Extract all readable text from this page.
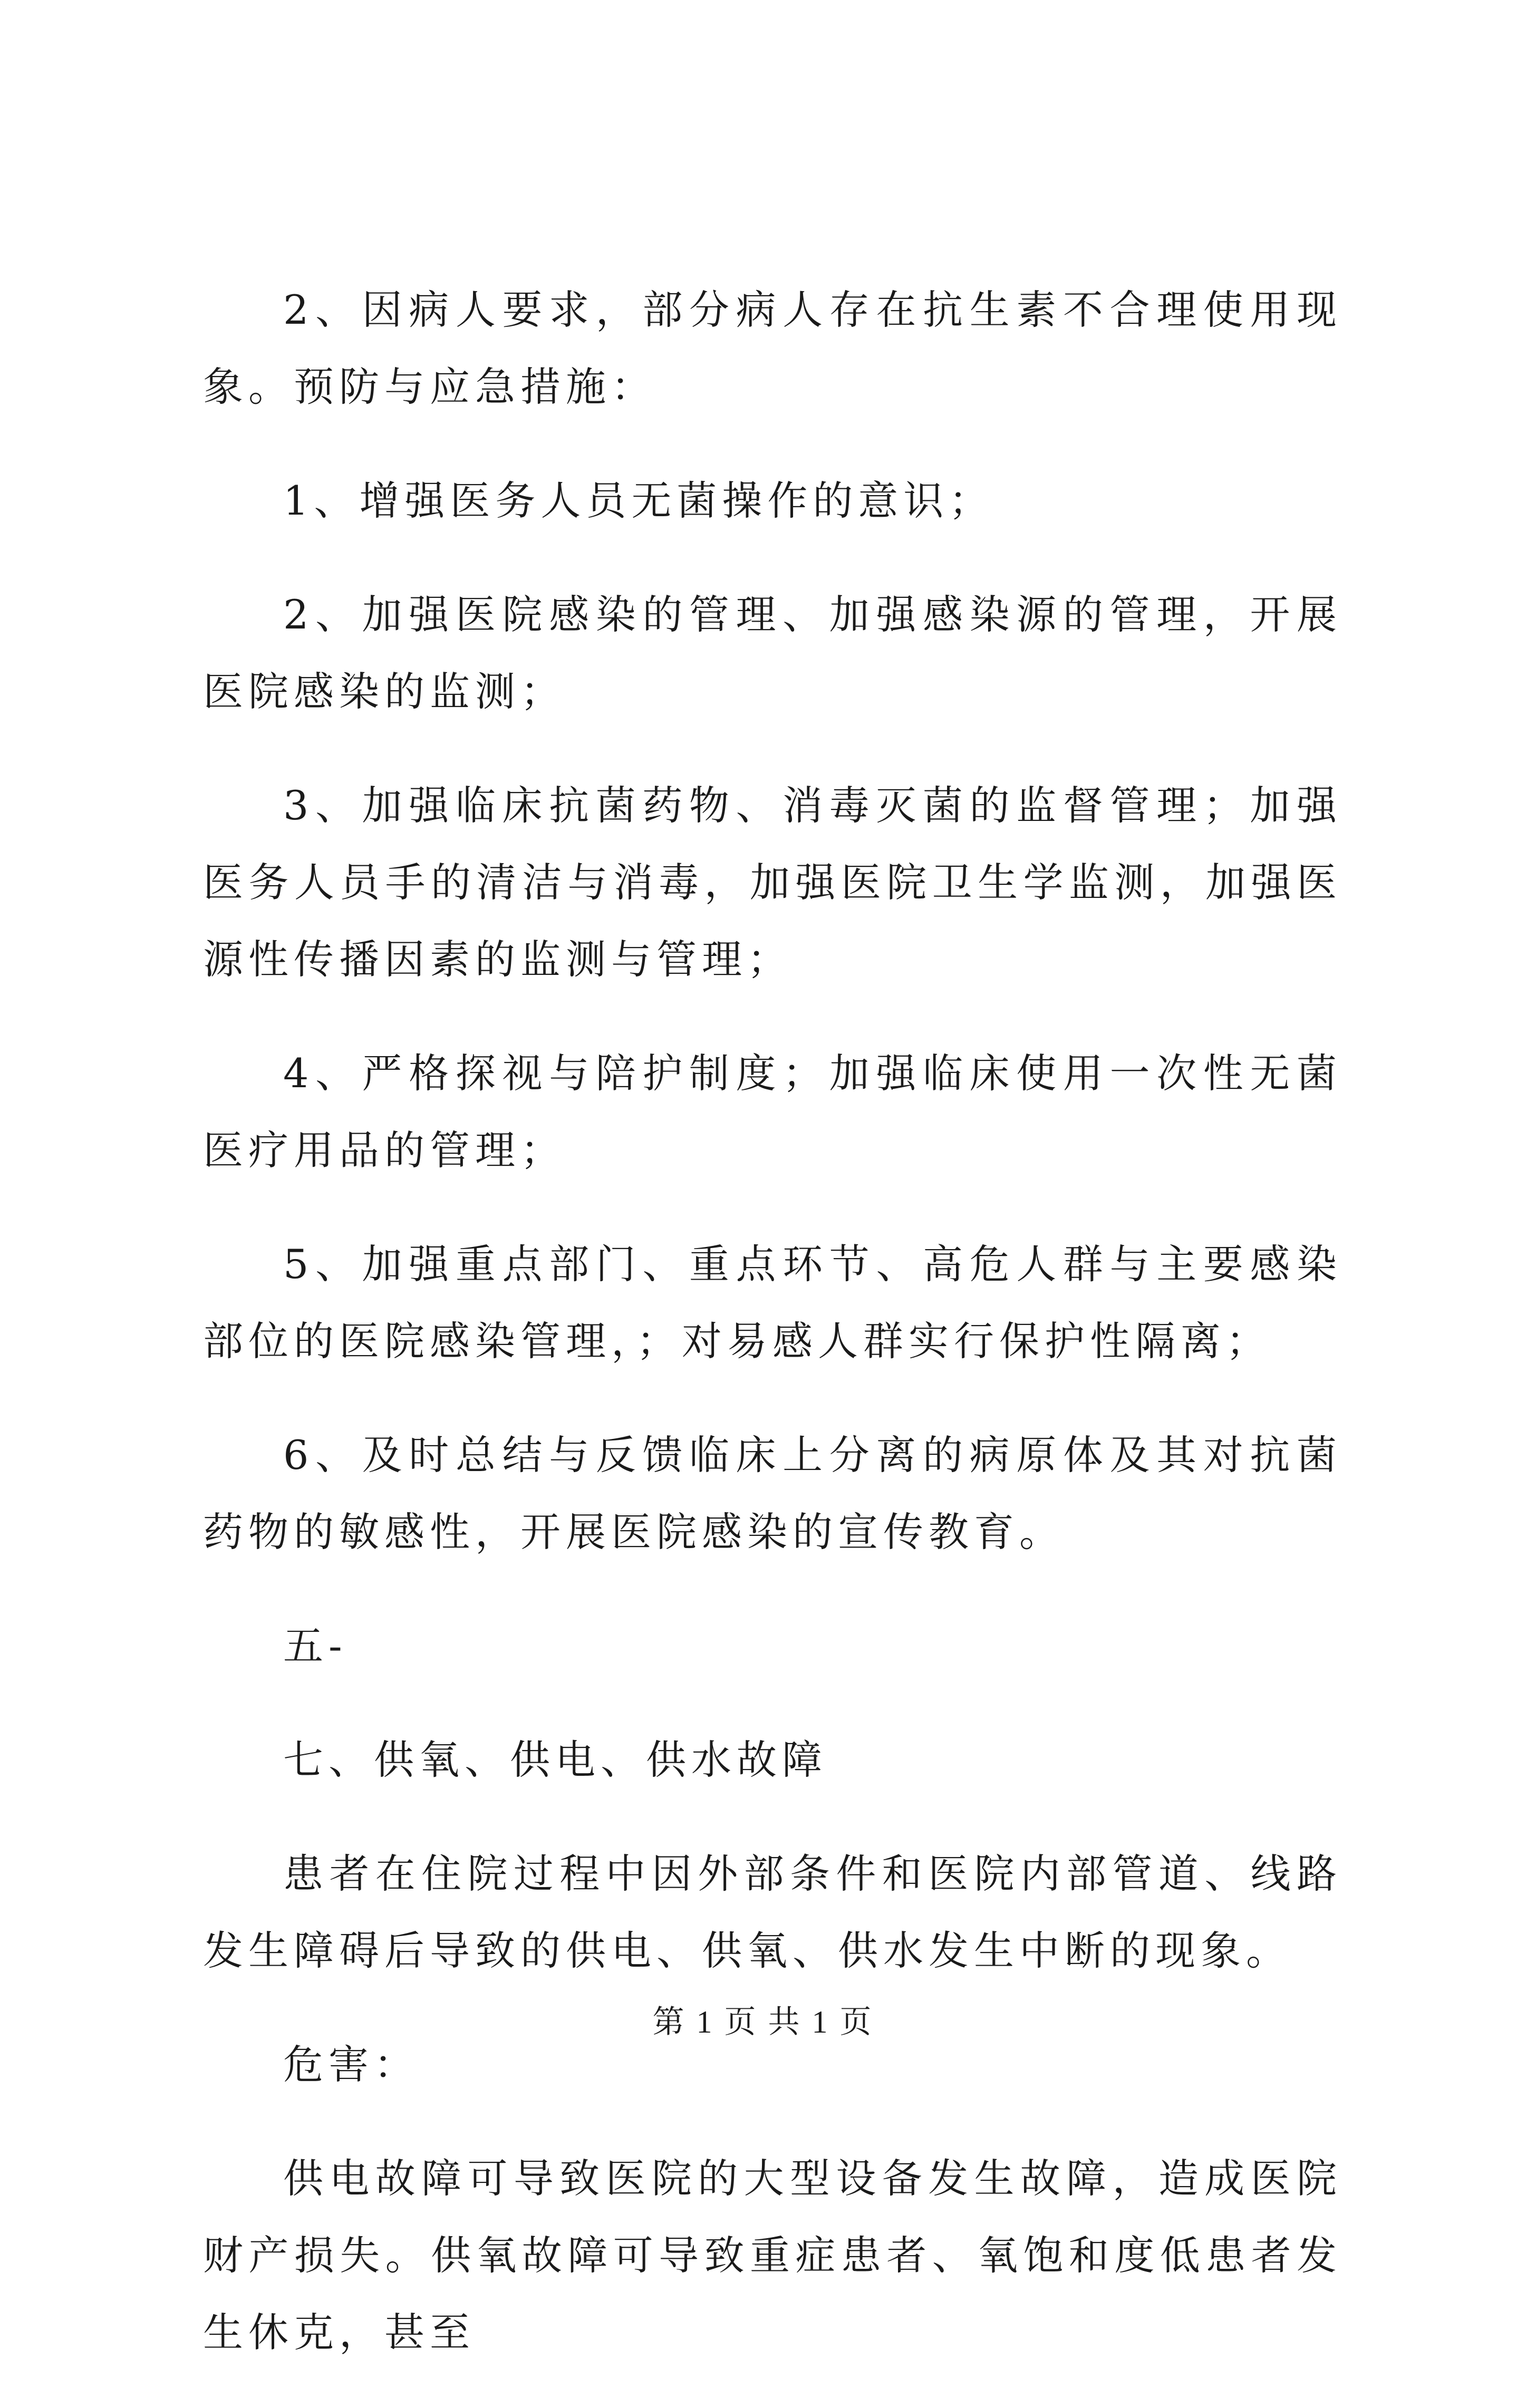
2、因病人要求，部分病人存在抗生素不合理使用现象。预防与应急措施：

1、增强医务人员无菌操作的意识；

2、加强医院感染的管理、加强感染源的管理，开展医院感染的监测；

3、加强临床抗菌药物、消毒灭菌的监督管理；加强医务人员手的清洁与消毒，加强医院卫生学监测，加强医源性传播因素的监测与管理；

4、严格探视与陪护制度；加强临床使用一次性无菌医疗用品的管理；

5、加强重点部门、重点环节、高危人群与主要感染部位的医院感染管理，；对易感人群实行保护性隔离；

6、及时总结与反馈临床上分离的病原体及其对抗菌药物的敏感性，开展医院感染的宣传教育。

五-

七、供氧、供电、供水故障

患者在住院过程中因外部条件和医院内部管道、线路发生障碍后导致的供电、供氧、供水发生中断的现象。

危害：

供电故障可导致医院的大型设备发生故障，造成医院财产损失。供氧故障可导致重症患者、氧饱和度低患者发生休克，甚至

第 1 页 共 1 页
